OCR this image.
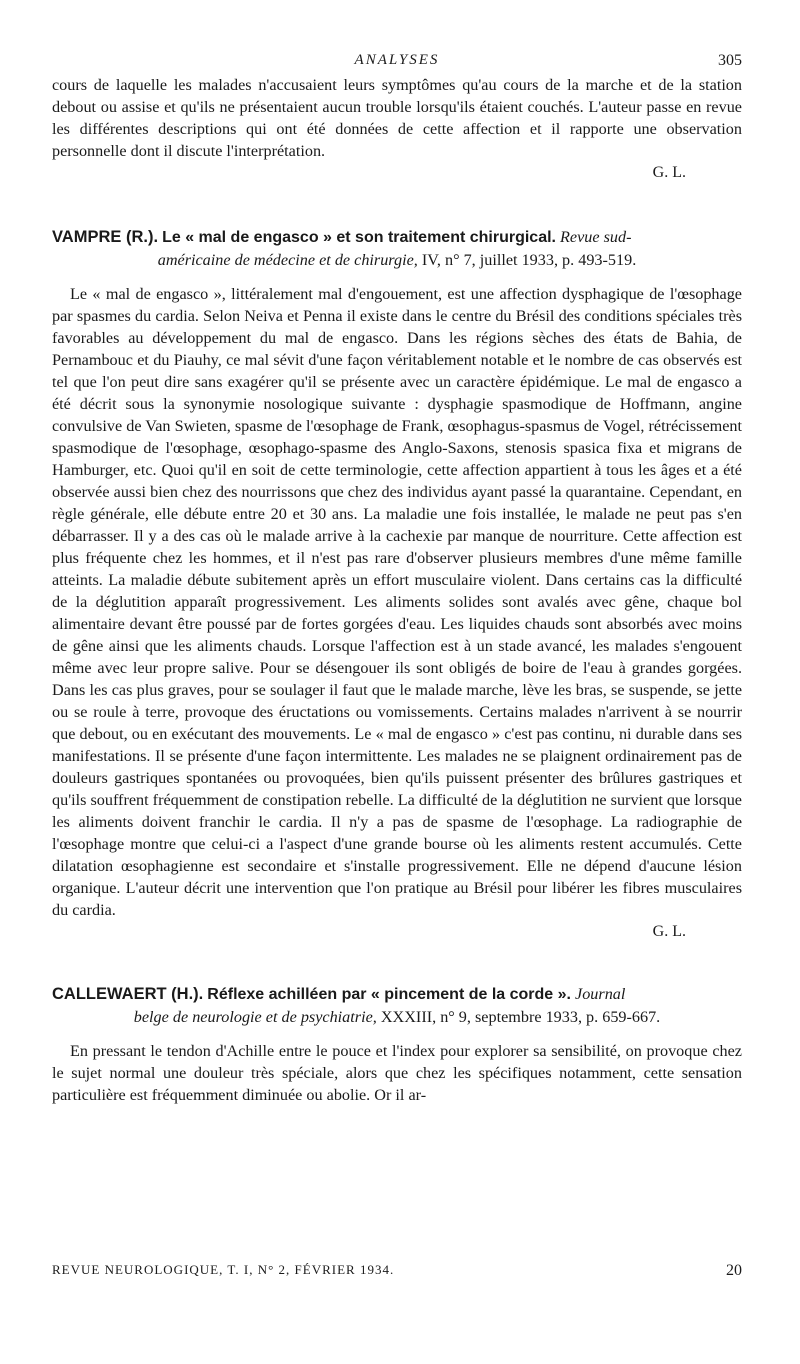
ANALYSES	305

cours de laquelle les malades n'accusaient leurs symptômes qu'au cours de la marche et de la station debout ou assise et qu'ils ne présentaient aucun trouble lorsqu'ils étaient couchés. L'auteur passe en revue les différentes descriptions qui ont été données de cette affection et il rapporte une observation personnelle dont il discute l'interprétation.

G. L.
VAMPRE (R.). Le « mal de engasco » et son traitement chirurgical. Revue sud-
américaine de médecine et de chirurgie, IV, n° 7, juillet 1933, p. 493-519.

Le « mal de engasco », littéralement mal d'engouement, est une affection dysphagique de l'œsophage par spasmes du cardia. Selon Neiva et Penna il existe dans le centre du Brésil des conditions spéciales très favorables au développement du mal de engasco. Dans les régions sèches des états de Bahia, de Pernambouc et du Piauhy, ce mal sévit d'une façon véritablement notable et le nombre de cas observés est tel que l'on peut dire sans exagérer qu'il se présente avec un caractère épidémique. Le mal de engasco a été décrit sous la synonymie nosologique suivante : dysphagie spasmodique de Hoffmann, angine convulsive de Van Swieten, spasme de l'œsophage de Frank, œsophagus-spasmus de Vogel, rétrécissement spasmodique de l'œsophage, œsophago-spasme des Anglo-Saxons, stenosis spasica fixa et migrans de Hamburger, etc. Quoi qu'il en soit de cette terminologie, cette affection appartient à tous les âges et a été observée aussi bien chez des nourrissons que chez des individus ayant passé la quarantaine. Cependant, en règle générale, elle débute entre 20 et 30 ans. La maladie une fois installée, le malade ne peut pas s'en débarrasser. Il y a des cas où le malade arrive à la cachexie par manque de nourriture. Cette affection est plus fréquente chez les hommes, et il n'est pas rare d'observer plusieurs membres d'une même famille atteints. La maladie débute subitement après un effort musculaire violent. Dans certains cas la difficulté de la déglutition apparaît progressivement. Les aliments solides sont avalés avec gêne, chaque bol alimentaire devant être poussé par de fortes gorgées d'eau. Les liquides chauds sont absorbés avec moins de gêne ainsi que les aliments chauds. Lorsque l'affection est à un stade avancé, les malades s'engouent même avec leur propre salive. Pour se désengouer ils sont obligés de boire de l'eau à grandes gorgées. Dans les cas plus graves, pour se soulager il faut que le malade marche, lève les bras, se suspende, se jette ou se roule à terre, provoque des éructations ou vomissements. Certains malades n'arrivent à se nourrir que debout, ou en exécutant des mouvements. Le « mal de engasco » c'est pas continu, ni durable dans ses manifestations. Il se présente d'une façon intermittente. Les malades ne se plaignent ordinairement pas de douleurs gastriques spontanées ou provoquées, bien qu'ils puissent présenter des brûlures gastriques et qu'ils souffrent fréquemment de constipation rebelle. La difficulté de la déglutition ne survient que lorsque les aliments doivent franchir le cardia. Il n'y a pas de spasme de l'œsophage. La radiographie de l'œsophage montre que celui-ci a l'aspect d'une grande bourse où les aliments restent accumulés. Cette dilatation œsophagienne est secondaire et s'installe progressivement. Elle ne dépend d'aucune lésion organique. L'auteur décrit une intervention que l'on pratique au Brésil pour libérer les fibres musculaires du cardia.

G. L.
CALLEWAERT (H.). Réflexe achilléen par « pincement de la corde ». Journal
belge de neurologie et de psychiatrie, XXXIII, n° 9, septembre 1933, p. 659-667.

En pressant le tendon d'Achille entre le pouce et l'index pour explorer sa sensibilité, on provoque chez le sujet normal une douleur très spéciale, alors que chez les spécifiques notamment, cette sensation particulière est fréquemment diminuée ou abolie. Or il ar-

REVUE NEUROLOGIQUE, T. I, N° 2, FÉVRIER 1934.	20
